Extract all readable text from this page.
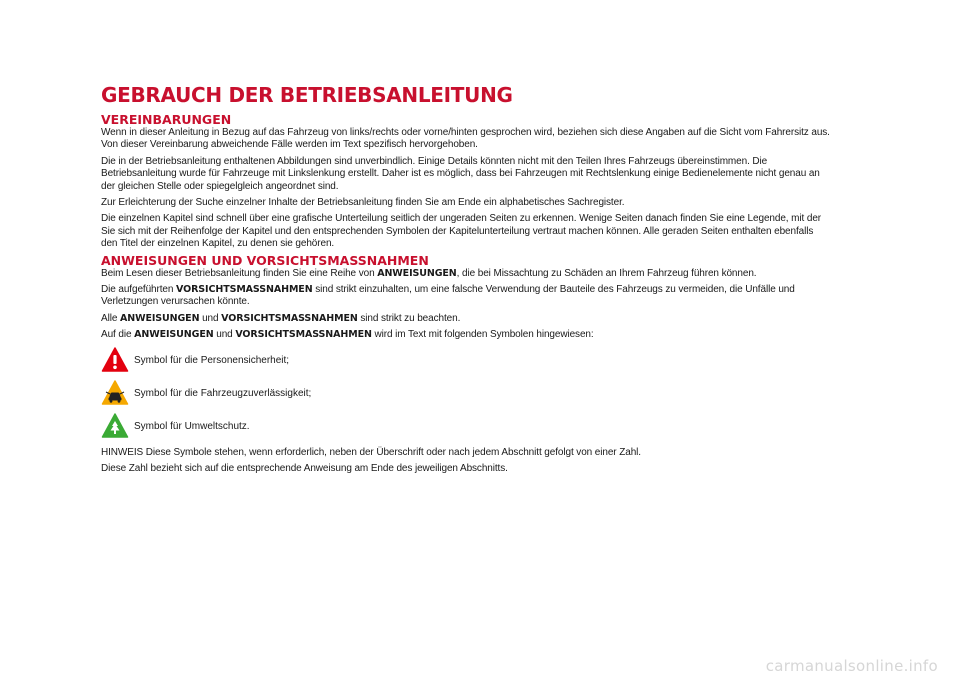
GEBRAUCH DER BETRIEBSANLEITUNG
VEREINBARUNGEN

Wenn in dieser Anleitung in Bezug auf das Fahrzeug von links/rechts oder vorne/hinten gesprochen wird, beziehen sich diese Angaben auf die Sicht vom Fahrersitz aus. Von dieser Vereinbarung abweichende Fälle werden im Text spezifisch hervorgehoben.

Die in der Betriebsanleitung enthaltenen Abbildungen sind unverbindlich. Einige Details könnten nicht mit den Teilen Ihres Fahrzeugs übereinstimmen. Die Betriebsanleitung wurde für Fahrzeuge mit Linkslenkung erstellt. Daher ist es möglich, dass bei Fahrzeugen mit Rechtslenkung einige Bedienelemente nicht genau an der gleichen Stelle oder spiegelgleich angeordnet sind.

Zur Erleichterung der Suche einzelner Inhalte der Betriebsanleitung finden Sie am Ende ein alphabetisches Sachregister.

Die einzelnen Kapitel sind schnell über eine grafische Unterteilung seitlich der ungeraden Seiten zu erkennen. Wenige Seiten danach finden Sie eine Legende, mit der Sie sich mit der Reihenfolge der Kapitel und den entsprechenden Symbolen der Kapitelunterteilung vertraut machen können. Alle geraden Seiten enthalten ebenfalls den Titel der einzelnen Kapitel, zu denen sie gehören.

ANWEISUNGEN UND VORSICHTSMASSNAHMEN

Beim Lesen dieser Betriebsanleitung finden Sie eine Reihe von ANWEISUNGEN, die bei Missachtung zu Schäden an Ihrem Fahrzeug führen können.

Die aufgeführten VORSICHTSMASSNAHMEN sind strikt einzuhalten, um eine falsche Verwendung der Bauteile des Fahrzeugs zu vermeiden, die Unfälle und Verletzungen verursachen könnte.

Alle ANWEISUNGEN und VORSICHTSMASSNAHMEN sind strikt zu beachten.

Auf die ANWEISUNGEN und VORSICHTSMASSNAHMEN wird im Text mit folgenden Symbolen hingewiesen:

Symbol für die Personensicherheit;
Symbol für die Fahrzeugzuverlässigkeit;
Symbol für Umweltschutz.

HINWEIS Diese Symbole stehen, wenn erforderlich, neben der Überschrift oder nach jedem Abschnitt gefolgt von einer Zahl.

Diese Zahl bezieht sich auf die entsprechende Anweisung am Ende des jeweiligen Abschnitts.

carmanualsonline.info
